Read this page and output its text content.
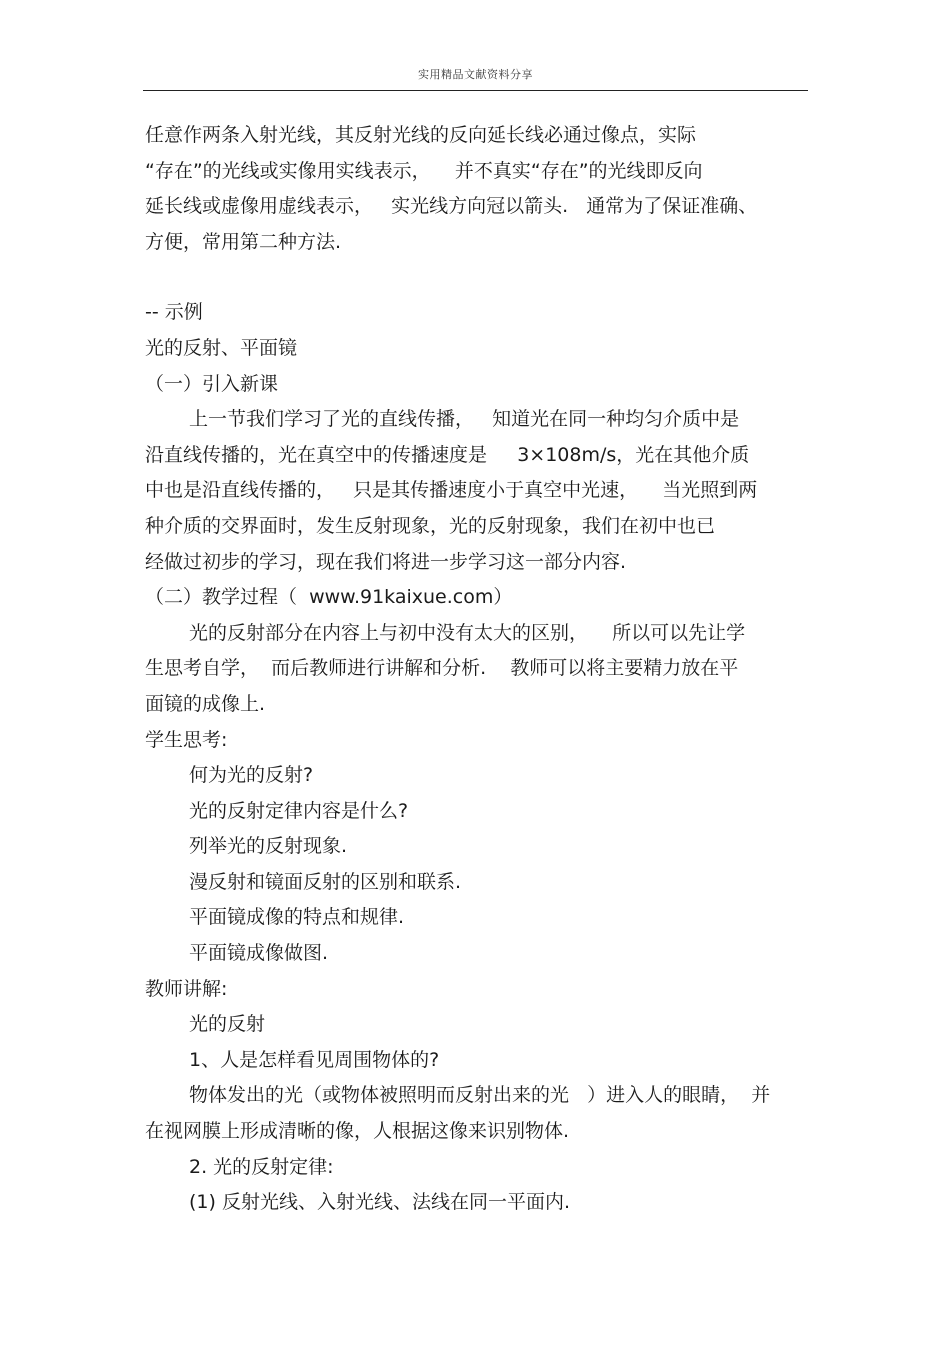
实用精品文献资料分享
任意作两条入射光线，其反射光线的反向延长线必通过像点，实际
“存在”的光线或实像用实线表示，    并不真实“存在”的光线即反向
延长线或虚像用虚线表示，   实光线方向冠以箭头.   通常为了保证准确、
方便，常用第二种方法.
-- 示例
光的反射、平面镜
（一）引入新课
上一节我们学习了光的直线传播，   知道光在同一种均匀介质中是
沿直线传播的，光在真空中的传播速度是     3×108m/s，光在其他介质
中也是沿直线传播的，   只是其传播速度小于真空中光速，    当光照到两
种介质的交界面时，发生反射现象，光的反射现象，我们在初中也已
经做过初步的学习，现在我们将进一步学习这一部分内容.
（二）教学过程（  www.91kaixue.com）
光的反射部分在内容上与初中没有太大的区别，    所以可以先让学
生思考自学，  而后教师进行讲解和分析.    教师可以将主要精力放在平
面镜的成像上.
学生思考:
何为光的反射?
光的反射定律内容是什么?
列举光的反射现象.
漫反射和镜面反射的区别和联系.
平面镜成像的特点和规律.
平面镜成像做图.
教师讲解:
光的反射
1、人是怎样看见周围物体的?
物体发出的光（或物体被照明而反射出来的光   ）进入人的眼睛，  并
在视网膜上形成清晰的像，人根据这像来识别物体.
2. 光的反射定律:
(1) 反射光线、入射光线、法线在同一平面内.
